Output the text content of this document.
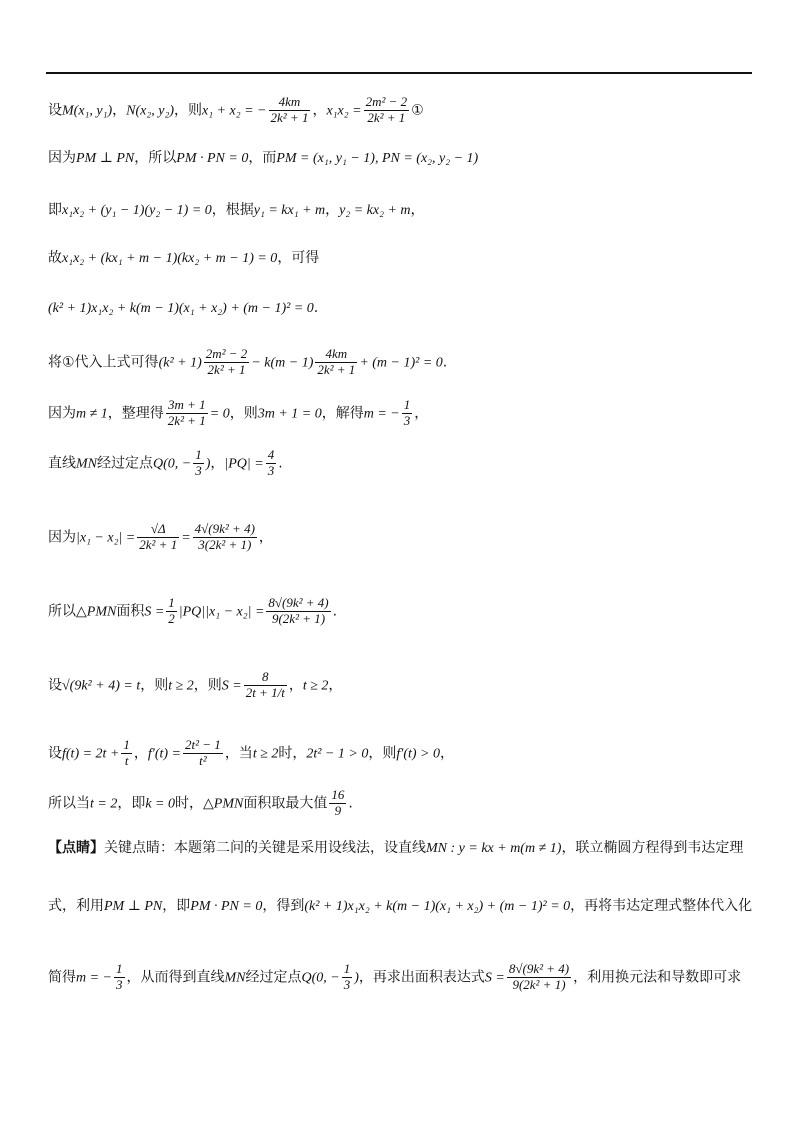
设M(x₁, y₁)，N(x₂, y₂)，则x₁ + x₂ = − $\frac{4km}{\text{2k² + 1}}$ ，$x_1x_2 = \frac{\text{2m² − 2}}{\text{2k² + 1}}$ ①
因为PM ⊥ PN，所以PM · PN = 0，而PM = (x₁, y₁ − 1), PN = (x₂, y₂ − 1)
即x₁x₂ + (y₁ − 1)(y₂ − 1) = 0，根据y₁ = kx₁ + m，y₂ = kx₂ + m，
故x₁x₂ + (kx₁ + m − 1)(kx₂ + m − 1) = 0，可得
(k² + 1)x₁x₂ + k(m − 1)(x₁ + x₂) + (m − 1)² = 0.
将①代入上式可得$(k^2 + 1) \frac{\text{2m² − 2}}{\text{2k² + 1}} - k(m - 1) \frac{4km}{\text{2k² + 1}} + (m - 1)^2 = 0$.
因为m ≠ 1，整理得 $\frac{3m + 1}{\text{2k² + 1}} = 0$，则3m + 1 = 0，解得m = − $\frac{1}{3}$ ，
直线MN经过定点Q(0, − $\frac{1}{3}$ )，$|PQ| = \frac{4}{3}$ .
因为$|x_1 - x_2| = \frac{√\Delta}{\text{2k² + 1}} = \frac{\text{4√(9k² + 4)}}{\text{3(2k² + 1)}}$ ，
所以△PMN面积$S = \frac{1}{2} |PQ||x_1 - x_2| = \frac{\text{8√(9k² + 4)}}{\text{9(2k² + 1)}}$ .
设√(9k² + 4) = t，则t ≥ 2，则$S = \frac{8}{2t + 1/t}$ ，t ≥ 2，
设$f(t) = 2t + \frac{1}{t}$ ，$f'(t) = \frac{\text{2t² − 1}}{\text{t²}}$ ，当t ≥ 2时，2t² − 1 > 0，则f′(t) > 0，
所以当t = 2，即k = 0时，△PMN面积取最大值 $\frac{16}{9}$ .
【点睛】关键点睛：本题第二问的关键是采用设线法，设直线MN : y = kx + m(m ≠ 1)，联立椭圆方程得到韦达定理
式，利用PM ⊥ PN，即PM · PN = 0，得到(k² + 1)x₁x₂ + k(m − 1)(x₁ + x₂) + (m − 1)² = 0，再将韦达定理式整体代入化
简得m = − $\frac{1}{3}$ ，从而得到直线MN经过定点Q(0, − $\frac{1}{3}$ )，再求出面积表达式$S = \frac{\text{8√(9k² + 4)}}{\text{9(2k² + 1)}}$ ，利用换元法和导数即可求
